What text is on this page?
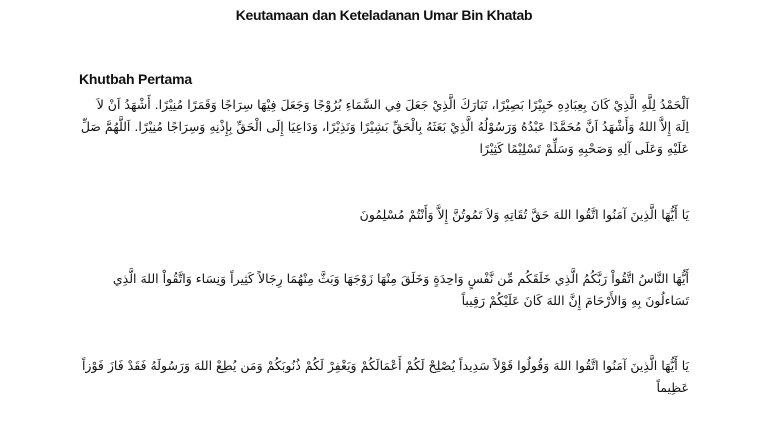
Keutamaan dan Keteladanan Umar Bin Khatab
Khutbah Pertama
اَلْحَمْدُ لِلَّهِ الَّذِيْ كَانَ بِعِبَادِهِ خَبِيْرًا بَصِيْرًا، تَبَارَكَ الَّذِيْ جَعَلَ فِي السَّمَاءِ بُرُوْجًا وَجَعَلَ فِيْهَا سِرَاجًا وَقَمَرًا مُنِيْرًا. أَشْهَدُ اَنْ لاَ اِلَهَ إِلاَّ اللهُ وَأَشْهَدُ اَنَّ مُحَمَّدًا عَبْدُهُ وَرَسُوْلُهُ الَّذِيْ بَعَثَهُ بِالْحَقِّ بَشِيْرًا وَنَذِيْرًا، وَدَاعِيَا إِلَى الْحَقِّ بِإِذْنِهِ وَسِرَاجًا مُنِيْرًا. اَللَّهُمَّ صَلِّ عَلَيْهِ وَعَلَى آلِهِ وَصَحْبِهِ وَسَلِّمْ تَسْلِيْمًا كَثِيْرًا
يَا أَيُّهَا الَّذِينَ آمَنُوا اتَّقُوا اللهَ حَقَّ تُقَاتِهِ وَلاَ تَمُوتُنَّ إِلاَّ وَأَنْتُمْ مُسْلِمُونَ
أَيُّهَا النَّاسُ اتَّقُواْ رَبَّكُمُ الَّذِي خَلَقَكُم مِّن نَّفْسٍ وَاحِدَةٍ وَخَلَقَ مِنْهَا زَوْجَهَا وَبَثَّ مِنْهُمَا رِجَالاً كَثِيراً وَنِسَاء وَاتَّقُواْ اللهَ الَّذِي تَسَاءلُونَ بِهِ وَالأَرْحَامَ إِنَّ اللهَ كَانَ عَلَيْكُمْ رَقِيباً
يَا أَيُّهَا الَّذِينَ آمَنُوا اتَّقُوا اللهَ وَقُولُوا قَوْلاً سَدِيداً يُصْلِحْ لَكُمْ أَعْمَالَكُمْ وَيَغْفِرْ لَكُمْ ذُنُوبَكُمْ وَمَن يُطِعْ اللهَ وَرَسُولَهُ فَقَدْ فَازَ فَوْزاً عَظِيماً
